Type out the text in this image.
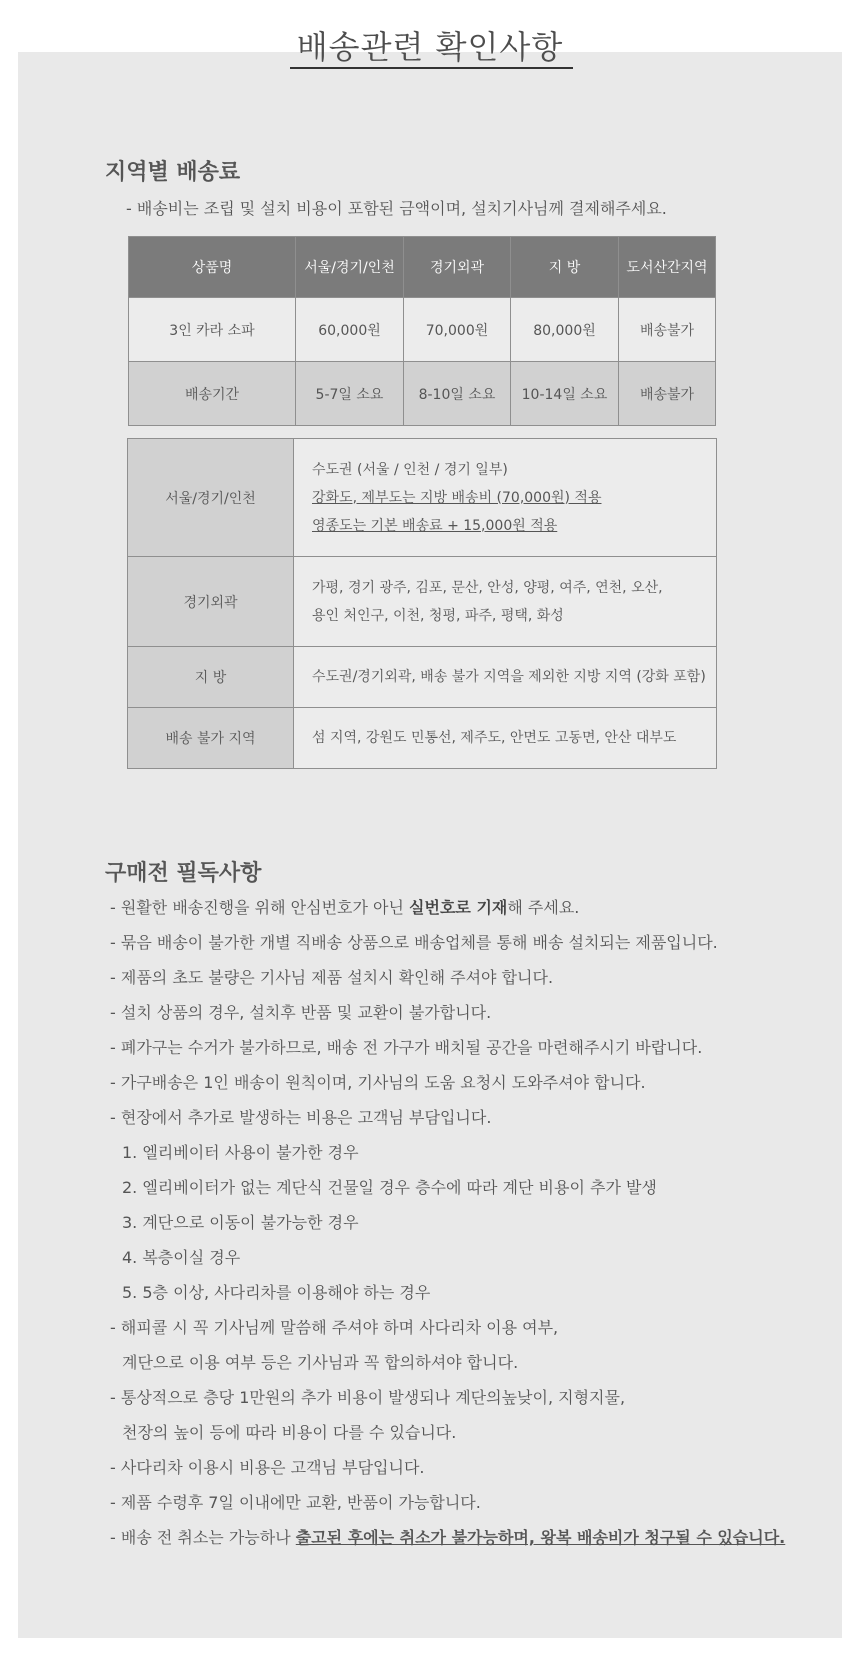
배송관련 확인사항
지역별 배송료
- 배송비는 조립 및 설치 비용이 포함된 금액이며, 설치기사님께 결제해주세요.
상품명	서울/경기/인천	경기외곽	지 방	도서산간지역
3인 카라 소파	60,000원	70,000원	80,000원	배송불가
배송기간	5-7일 소요	8-10일 소요	10-14일 소요	배송불가
서울/경기/인천	수도권 (서울 / 인천 / 경기 일부)
강화도, 제부도는 지방 배송비 (70,000원) 적용
영종도는 기본 배송료 + 15,000원 적용

경기외곽	가평, 경기 광주, 김포, 문산, 안성, 양평, 여주, 연천, 오산,
용인 처인구, 이천, 청평, 파주, 평택, 화성

지 방	수도권/경기외곽, 배송 불가 지역을 제외한 지방 지역 (강화 포함)
배송 불가 지역	섬 지역, 강원도 민통선, 제주도, 안면도 고동면, 안산 대부도
구매전 필독사항
- 원활한 배송진행을 위해 안심번호가 아닌 실번호로 기재해 주세요.
- 묶음 배송이 불가한 개별 직배송 상품으로 배송업체를 통해 배송 설치되는 제품입니다.
- 제품의 초도 불량은 기사님 제품 설치시 확인해 주셔야 합니다.
- 설치 상품의 경우, 설치후 반품 및 교환이 불가합니다.
- 폐가구는 수거가 불가하므로, 배송 전 가구가 배치될 공간을 마련해주시기 바랍니다.
- 가구배송은 1인 배송이 원칙이며, 기사님의 도움 요청시 도와주셔야 합니다.
- 현장에서 추가로 발생하는 비용은 고객님 부담입니다.
1. 엘리베이터 사용이 불가한 경우
2. 엘리베이터가 없는 계단식 건물일 경우 층수에 따라 계단 비용이 추가 발생
3. 계단으로 이동이 불가능한 경우
4. 복층이실 경우
5. 5층 이상, 사다리차를 이용해야 하는 경우
- 해피콜 시 꼭 기사님께 말씀해 주셔야 하며 사다리차 이용 여부,
계단으로 이용 여부 등은 기사님과 꼭 합의하셔야 합니다.
- 통상적으로 층당 1만원의 추가 비용이 발생되나 계단의높낮이, 지형지물,
천장의 높이 등에 따라 비용이 다를 수 있습니다.
- 사다리차 이용시 비용은 고객님 부담입니다.
- 제품 수령후 7일 이내에만 교환, 반품이 가능합니다.
- 배송 전 취소는 가능하나 출고된 후에는 취소가 불가능하며, 왕복 배송비가 청구될 수 있습니다.
